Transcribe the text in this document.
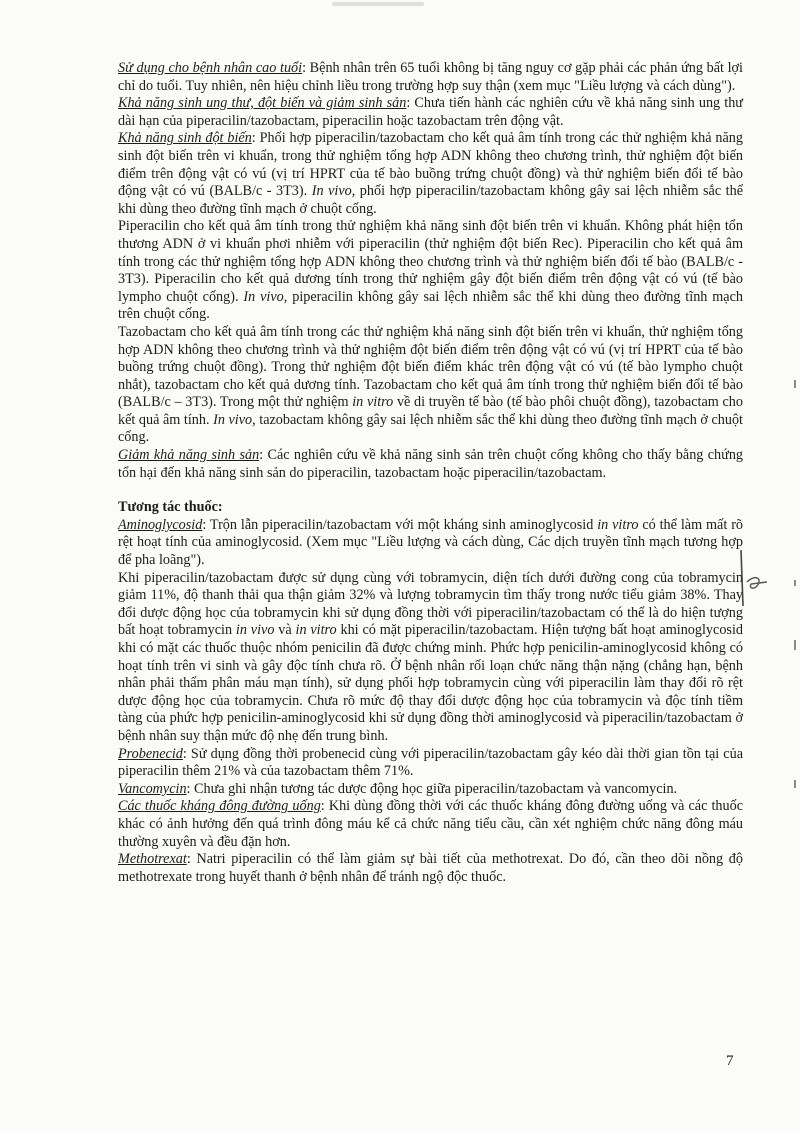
Sử dụng cho bệnh nhân cao tuổi: Bệnh nhân trên 65 tuổi không bị tăng nguy cơ gặp phải các phản ứng bất lợi chỉ do tuổi. Tuy nhiên, nên hiệu chỉnh liều trong trường hợp suy thận (xem mục "Liều lượng và cách dùng").

Khả năng sinh ung thư, đột biến và giảm sinh sản: Chưa tiến hành các nghiên cứu về khả năng sinh ung thư dài hạn của piperacilin/tazobactam, piperacilin hoặc tazobactam trên động vật.

Khả năng sinh đột biến: Phối hợp piperacilin/tazobactam cho kết quả âm tính trong các thử nghiệm khả năng sinh đột biến trên vi khuẩn, trong thử nghiệm tổng hợp ADN không theo chương trình, thử nghiệm đột biến điểm trên động vật có vú (vị trí HPRT của tế bào buồng trứng chuột đồng) và thử nghiệm biến đổi tế bào động vật có vú (BALB/c - 3T3). In vivo, phối hợp piperacilin/tazobactam không gây sai lệch nhiễm sắc thể khi dùng theo đường tĩnh mạch ở chuột cống.

Piperacilin cho kết quả âm tính trong thử nghiệm khả năng sinh đột biến trên vi khuẩn. Không phát hiện tổn thương ADN ở vi khuẩn phơi nhiễm với piperacilin (thử nghiệm đột biến Rec). Piperacilin cho kết quả âm tính trong các thử nghiệm tổng hợp ADN không theo chương trình và thử nghiệm biến đổi tế bào (BALB/c - 3T3). Piperacilin cho kết quả dương tính trong thử nghiệm gây đột biến điểm trên động vật có vú (tế bào lympho chuột cống). In vivo, piperacilin không gây sai lệch nhiễm sắc thể khi dùng theo đường tĩnh mạch trên chuột cống.

Tazobactam cho kết quả âm tính trong các thử nghiệm khả năng sinh đột biến trên vi khuẩn, thử nghiệm tổng hợp ADN không theo chương trình và thử nghiệm đột biến điểm trên động vật có vú (vị trí HPRT của tế bào buồng trứng chuột đồng). Trong thử nghiệm đột biến điểm khác trên động vật có vú (tế bào lympho chuột nhắt), tazobactam cho kết quả dương tính. Tazobactam cho kết quả âm tính trong thử nghiệm biến đổi tế bào (BALB/c – 3T3). Trong một thử nghiệm in vitro về di truyền tế bào (tế bào phôi chuột đồng), tazobactam cho kết quả âm tính. In vivo, tazobactam không gây sai lệch nhiễm sắc thể khi dùng theo đường tĩnh mạch ở chuột cống.

Giảm khả năng sinh sản: Các nghiên cứu về khả năng sinh sản trên chuột cống không cho thấy bằng chứng tổn hại đến khả năng sinh sản do piperacilin, tazobactam hoặc piperacilin/tazobactam.

Tương tác thuốc:

Aminoglycosid: Trộn lẫn piperacilin/tazobactam với một kháng sinh aminoglycosid in vitro có thể làm mất rõ rệt hoạt tính của aminoglycosid. (Xem mục "Liều lượng và cách dùng, Các dịch truyền tĩnh mạch tương hợp để pha loãng").

Khi piperacilin/tazobactam được sử dụng cùng với tobramycin, diện tích dưới đường cong của tobramycin giảm 11%, độ thanh thải qua thận giảm 32% và lượng tobramycin tìm thấy trong nước tiểu giảm 38%. Thay đổi dược động học của tobramycin khi sử dụng đồng thời với piperacilin/tazobactam có thể là do hiện tượng bất hoạt tobramycin in vivo và in vitro khi có mặt piperacilin/tazobactam. Hiện tượng bất hoạt aminoglycosid khi có mặt các thuốc thuộc nhóm penicilin đã được chứng minh. Phức hợp penicilin-aminoglycosid không có hoạt tính trên vi sinh và gây độc tính chưa rõ. Ở bệnh nhân rối loạn chức năng thận nặng (chẳng hạn, bệnh nhân phải thẩm phân máu mạn tính), sử dụng phối hợp tobramycin cùng với piperacilin làm thay đổi rõ rệt dược động học của tobramycin. Chưa rõ mức độ thay đổi dược động học của tobramycin và độc tính tiềm tàng của phức hợp penicilin-aminoglycosid khi sử dụng đồng thời aminoglycosid và piperacilin/tazobactam ở bệnh nhân suy thận mức độ nhẹ đến trung bình.

Probenecid: Sử dụng đồng thời probenecid cùng với piperacilin/tazobactam gây kéo dài thời gian tồn tại của piperacilin thêm 21% và của tazobactam thêm 71%.

Vancomycin: Chưa ghi nhận tương tác dược động học giữa piperacilin/tazobactam và vancomycin.

Các thuốc kháng đông đường uống: Khi dùng đồng thời với các thuốc kháng đông đường uống và các thuốc khác có ảnh hưởng đến quá trình đông máu kể cả chức năng tiểu cầu, cần xét nghiệm chức năng đông máu thường xuyên và đều đặn hơn.

Methotrexat: Natri piperacilin có thể làm giảm sự bài tiết của methotrexat. Do đó, cần theo dõi nồng độ methotrexate trong huyết thanh ở bệnh nhân để tránh ngộ độc thuốc.

7
